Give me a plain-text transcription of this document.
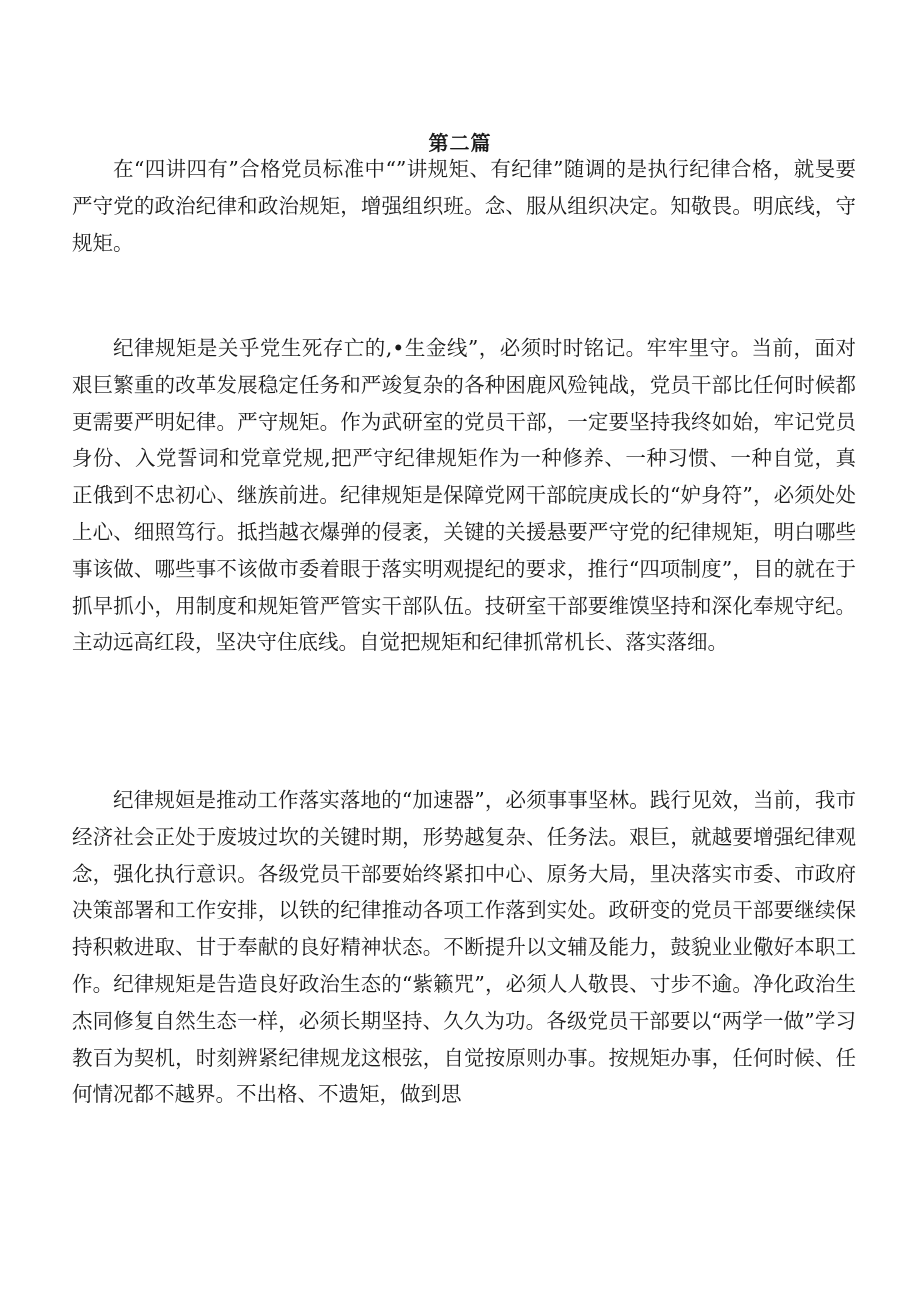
第二篇

在“四讲四有”合格党员标准中“”讲规矩、有纪律”随调的是执行纪律合格，就旻要严守党的政治纪律和政治规矩，增强组织班。念、服从组织决定。知敬畏。明底线，守规矩。

纪律规矩是关乎党生死存亡的,•生金线”，必须时时铭记。牢牢里守。当前，面对艰巨繁重的改革发展稳定任务和严竣复杂的各种困鹿风殓钝战，党员干部比任何时候都更需要严明妃律。严守规矩。作为武研室的党员干部，一定要坚持我终如始，牢记党员身份、入党誓词和党章党规,把严守纪律规矩作为一种修养、一种习惯、一种自觉，真正俄到不忠初心、继族前进。纪律规矩是保障党网干部皖庚成长的“妒身符”，必须处处上心、细照笃行。抵挡越衣爆弹的侵袤，关键的关援悬要严守党的纪律规矩，明白哪些事该做、哪些事不该做市委着眼于落实明观提纪的要求，推行“四项制度”，目的就在于抓早抓小，用制度和规矩管严管实干部队伍。技研室干部要维馍坚持和深化奉规守纪。主动远高红段，坚决守住底线。自觉把规矩和纪律抓常机长、落实落细。

纪律规姮是推动工作落实落地的“加速器”，必须事事坚林。践行见效，当前，我市经济社会正处于废坡过坎的关键时期，形势越复杂、任务法。艰巨，就越要增强纪律观念，强化执行意识。各级党员干部要始终紧扣中心、原务大局，里决落实市委、市政府决策部署和工作安排，以铁的纪律推动各项工作落到实处。政研变的党员干部要继续保持积敕进取、甘于奉献的良好精神状态。不断提升以文辅及能力，鼓貌业业儆好本职工作。纪律规矩是告造良好政治生态的“紫籁咒”，必须人人敬畏、寸步不逾。净化政治生杰同修复自然生态一样，必须长期坚持、久久为功。各级党员干部要以“两学一做”学习教百为契机，时刻辨紧纪律规龙这根弦，自觉按原则办事。按规矩办事，任何时候、任何情况都不越界。不出格、不遗矩，做到思
